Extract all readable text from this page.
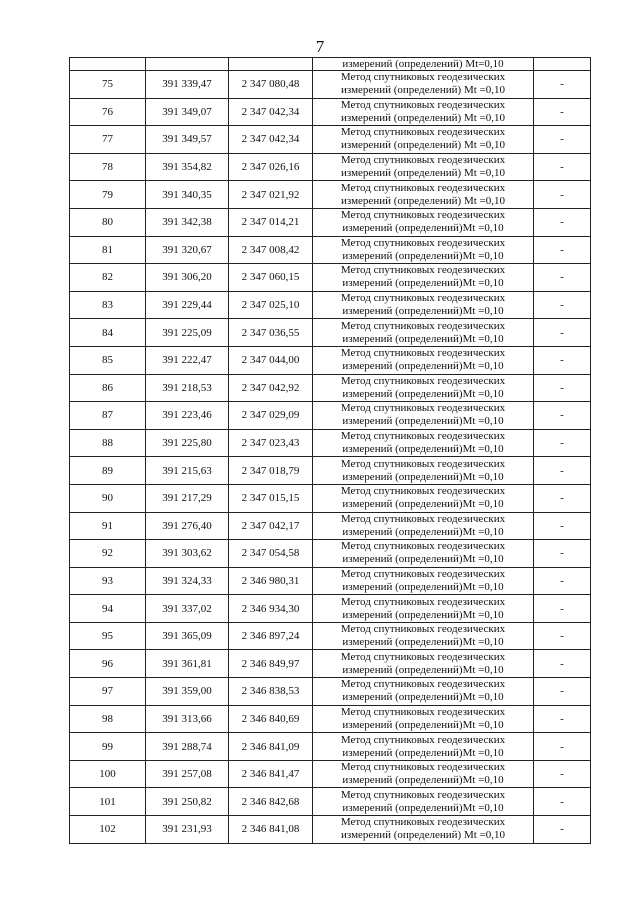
7
			измерений (определений) Mt=0,10	
75	391 339,47	2 347 080,48	Метод спутниковых геодезических
измерений (определений) Mt =0,10	-
76	391 349,07	2 347 042,34	Метод спутниковых геодезических
измерений (определений) Mt =0,10	-
77	391 349,57	2 347 042,34	Метод спутниковых геодезических
измерений (определений) Mt =0,10	-
78	391 354,82	2 347 026,16	Метод спутниковых геодезических
измерений (определений) Mt =0,10	-
79	391 340,35	2 347 021,92	Метод спутниковых геодезических
измерений (определений) Mt =0,10	-
80	391 342,38	2 347 014,21	Метод спутниковых геодезических
измерений (определений)Mt =0,10	-
81	391 320,67	2 347 008,42	Метод спутниковых геодезических
измерений (определений)Mt =0,10	-
82	391 306,20	2 347 060,15	Метод спутниковых геодезических
измерений (определений)Mt =0,10	-
83	391 229,44	2 347 025,10	Метод спутниковых геодезических
измерений (определений)Mt =0,10	-
84	391 225,09	2 347 036,55	Метод спутниковых геодезических
измерений (определений)Mt =0,10	-
85	391 222,47	2 347 044,00	Метод спутниковых геодезических
измерений (определений)Mt =0,10	-
86	391 218,53	2 347 042,92	Метод спутниковых геодезических
измерений (определений)Mt =0,10	-
87	391 223,46	2 347 029,09	Метод спутниковых геодезических
измерений (определений)Mt =0,10	-
88	391 225,80	2 347 023,43	Метод спутниковых геодезических
измерений (определений)Mt =0,10	-
89	391 215,63	2 347 018,79	Метод спутниковых геодезических
измерений (определений)Mt =0,10	-
90	391 217,29	2 347 015,15	Метод спутниковых геодезических
измерений (определений)Mt =0,10	-
91	391 276,40	2 347 042,17	Метод спутниковых геодезических
измерений (определений)Mt =0,10	-
92	391 303,62	2 347 054,58	Метод спутниковых геодезических
измерений (определений)Mt =0,10	-
93	391 324,33	2 346 980,31	Метод спутниковых геодезических
измерений (определений)Mt =0,10	-
94	391 337,02	2 346 934,30	Метод спутниковых геодезических
измерений (определений)Mt =0,10	-
95	391 365,09	2 346 897,24	Метод спутниковых геодезических
измерений (определений)Mt =0,10	-
96	391 361,81	2 346 849,97	Метод спутниковых геодезических
измерений (определений)Mt =0,10	-
97	391 359,00	2 346 838,53	Метод спутниковых геодезических
измерений (определений)Mt =0,10	-
98	391 313,66	2 346 840,69	Метод спутниковых геодезических
измерений (определений)Mt =0,10	-
99	391 288,74	2 346 841,09	Метод спутниковых геодезических
измерений (определений)Mt =0,10	-
100	391 257,08	2 346 841,47	Метод спутниковых геодезических
измерений (определений)Mt =0,10	-
101	391 250,82	2 346 842,68	Метод спутниковых геодезических
измерений (определений)Mt =0,10	-
102	391 231,93	2 346 841,08	Метод спутниковых геодезических
измерений (определений) Mt =0,10	-
